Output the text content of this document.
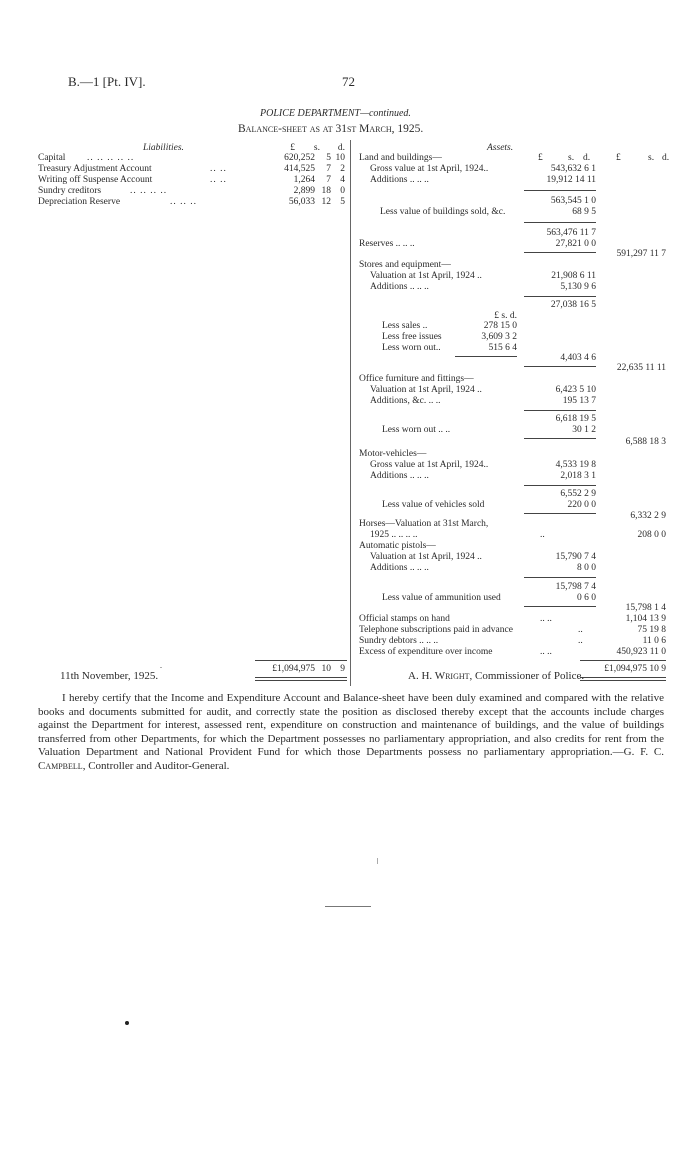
B.—1 [Pt. IV].	72
POLICE DEPARTMENT—continued.
Balance-sheet as at 31st March, 1925.
Liabilities.	£	s.	d.
Capital .. .. .. .. ..	620,252	5 10
Treasury Adjustment Account	.. ..	414,525	7 2
Writing off Suspense Account	.. ..	1,264	7 4
Sundry creditors	.. .. .. ..	2,899 18 0
Depreciation Reserve	.. .. ..	56,033 12 5
£1,094,975 10 9
.
Assets.
£	s. d.	£	s. d.
Land and buildings—
Gross value at 1st April, 1924..	543,632 6 1
Additions .. .. ..	19,912 14 11
563,545 1 0
Less value of buildings sold, &c.	68 9 5
563,476 11 7
Reserves .. .. ..	27,821 0 0
591,297 11 7
Stores and equipment—
Valuation at 1st April, 1924 ..	21,908 6 11
Additions .. .. ..	5,130 9 6
27,038 16 5
£ s. d.
Less sales ..	278 15 0
Less free issues	3,609 3 2
Less worn out..	515 6 4
4,403 4 6
22,635 11 11
Office furniture and fittings—
Valuation at 1st April, 1924 ..	6,423 5 10
Additions, &c. .. ..	195 13 7
6,618 19 5
Less worn out .. ..	30 1 2
6,588 18 3
Motor-vehicles—
Gross value at 1st April, 1924..	4,533 19 8
Additions .. .. ..	2,018 3 1
6,552 2 9
Less value of vehicles sold	220 0 0
6,332 2 9
Horses—Valuation at 31st March,
1925 .. .. .. ..	..	208 0 0
Automatic pistols—
Valuation at 1st April, 1924 ..	15,790 7 4
Additions .. .. ..	8 0 0
15,798 7 4
Less value of ammunition used	0 6 0
15,798 1 4
Official stamps on hand	.. ..	1,104 13 9
Telephone subscriptions paid in advance	..	75 19 8
Sundry debtors .. .. ..	..	11 0 6
Excess of expenditure over income	.. ..	450,923 11 0
£1,094,975 10 9
11th November, 1925.	A. H. Wright, Commissioner of Police.
I hereby certify that the Income and Expenditure Account and Balance-sheet have been duly examined and compared with the relative books and documents submitted for audit, and correctly state the position as disclosed thereby except that the accounts include charges against the Department for interest, assessed rent, expenditure on construction and maintenance of buildings, and the value of buildings transferred from other Departments, for which the Department possesses no parliamentary appropriation, and also credits for rent from the Valuation Department and National Provident Fund for which those Departments possess no parliamentary appropriation.—G. F. C. Campbell, Controller and Auditor-General.
